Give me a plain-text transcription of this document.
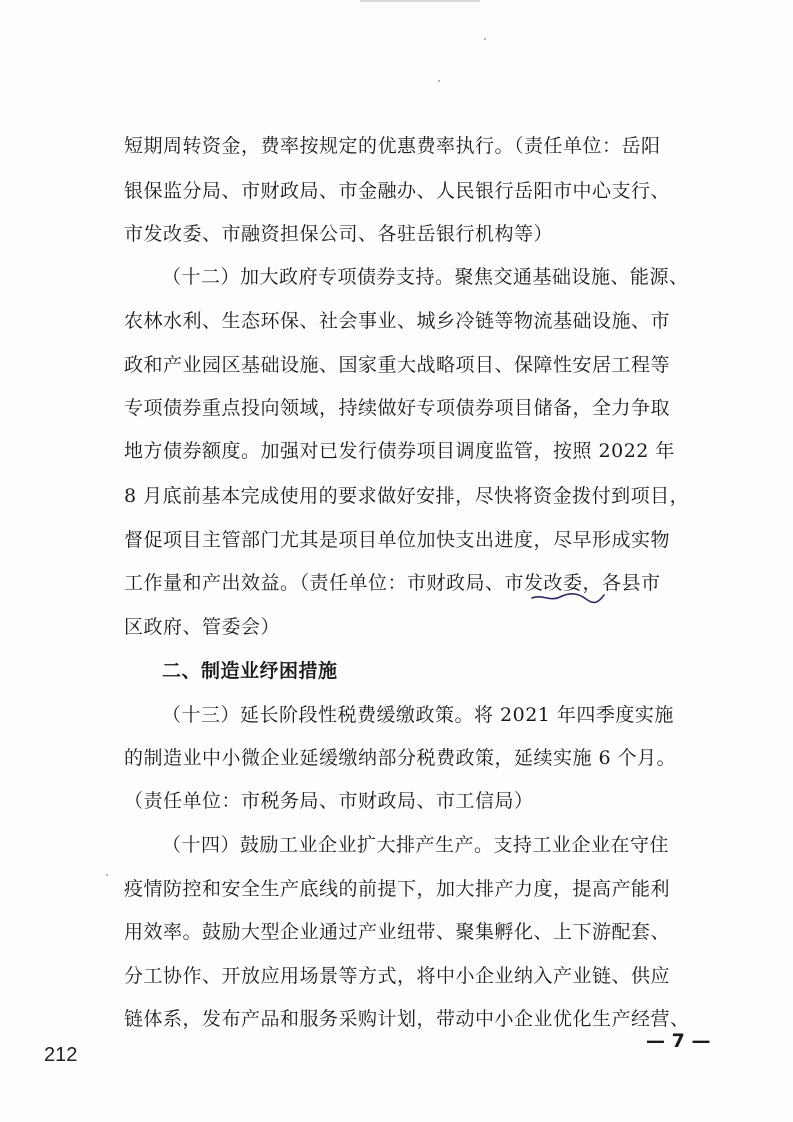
短期周转资金，费率按规定的优惠费率执行。（责任单位：岳阳
银保监分局、市财政局、市金融办、人民银行岳阳市中心支行、
市发改委、市融资担保公司、各驻岳银行机构等）
（十二）加大政府专项债券支持。聚焦交通基础设施、能源、
农林水利、生态环保、社会事业、城乡冷链等物流基础设施、市
政和产业园区基础设施、国家重大战略项目、保障性安居工程等
专项债券重点投向领域，持续做好专项债券项目储备，全力争取
地方债券额度。加强对已发行债券项目调度监管，按照 2022 年
8 月底前基本完成使用的要求做好安排，尽快将资金拨付到项目，
督促项目主管部门尤其是项目单位加快支出进度，尽早形成实物
工作量和产出效益。（责任单位：市财政局、市发改委，各县市
区政府、管委会）
二、制造业纾困措施
（十三）延长阶段性税费缓缴政策。将 2021 年四季度实施
的制造业中小微企业延缓缴纳部分税费政策，延续实施 6 个月。
（责任单位：市税务局、市财政局、市工信局）
（十四）鼓励工业企业扩大排产生产。支持工业企业在守住
疫情防控和安全生产底线的前提下，加大排产力度，提高产能利
用效率。鼓励大型企业通过产业纽带、聚集孵化、上下游配套、
分工协作、开放应用场景等方式，将中小企业纳入产业链、供应
链体系，发布产品和服务采购计划，带动中小企业优化生产经营、
— 7 —
212
